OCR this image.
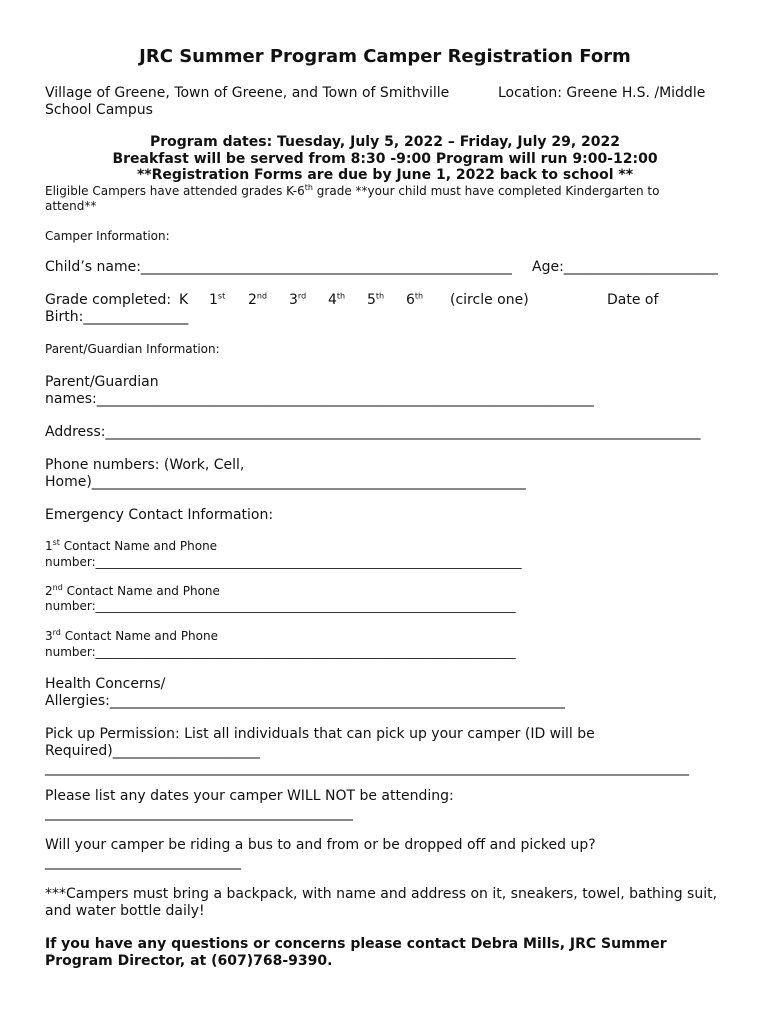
JRC Summer Program Camper Registration Form
Village of Greene, Town of Greene, and Town of Smithville	Location: Greene H.S. /Middle
School Campus
Program dates: Tuesday, July 5, 2022 – Friday, July 29, 2022
Breakfast will be served from 8:30 -9:00 Program will run 9:00-12:00
**Registration Forms are due by June 1, 2022 back to school **
Eligible Campers have attended grades K-6th grade **your child must have completed Kindergarten to
attend**
Camper Information:
Child’s name:_____________________________________________________ Age:______________________
Grade completed: K 1st 2nd 3rd 4th 5th 6th (circle one)	Date of
Birth:_______________
Parent/Guardian Information:
Parent/Guardian
names:_______________________________________________________________________
Address:_____________________________________________________________________________________
Phone numbers: (Work, Cell,
Home)______________________________________________________________
Emergency Contact Information:
1st Contact Name and Phone
number:_______________________________________________________________________
2nd Contact Name and Phone
number:______________________________________________________________________
3rd Contact Name and Phone
number:______________________________________________________________________
Health Concerns/
Allergies:_________________________________________________________________
Pick up Permission: List all individuals that can pick up your camper (ID will be
Required)_____________________
____________________________________________________________________________________________
Please list any dates your camper WILL NOT be attending:
____________________________________________
Will your camper be riding a bus to and from or be dropped off and picked up?
____________________________
***Campers must bring a backpack, with name and address on it, sneakers, towel, bathing suit,
and water bottle daily!
If you have any questions or concerns please contact Debra Mills, JRC Summer
Program Director, at (607)768-9390.
